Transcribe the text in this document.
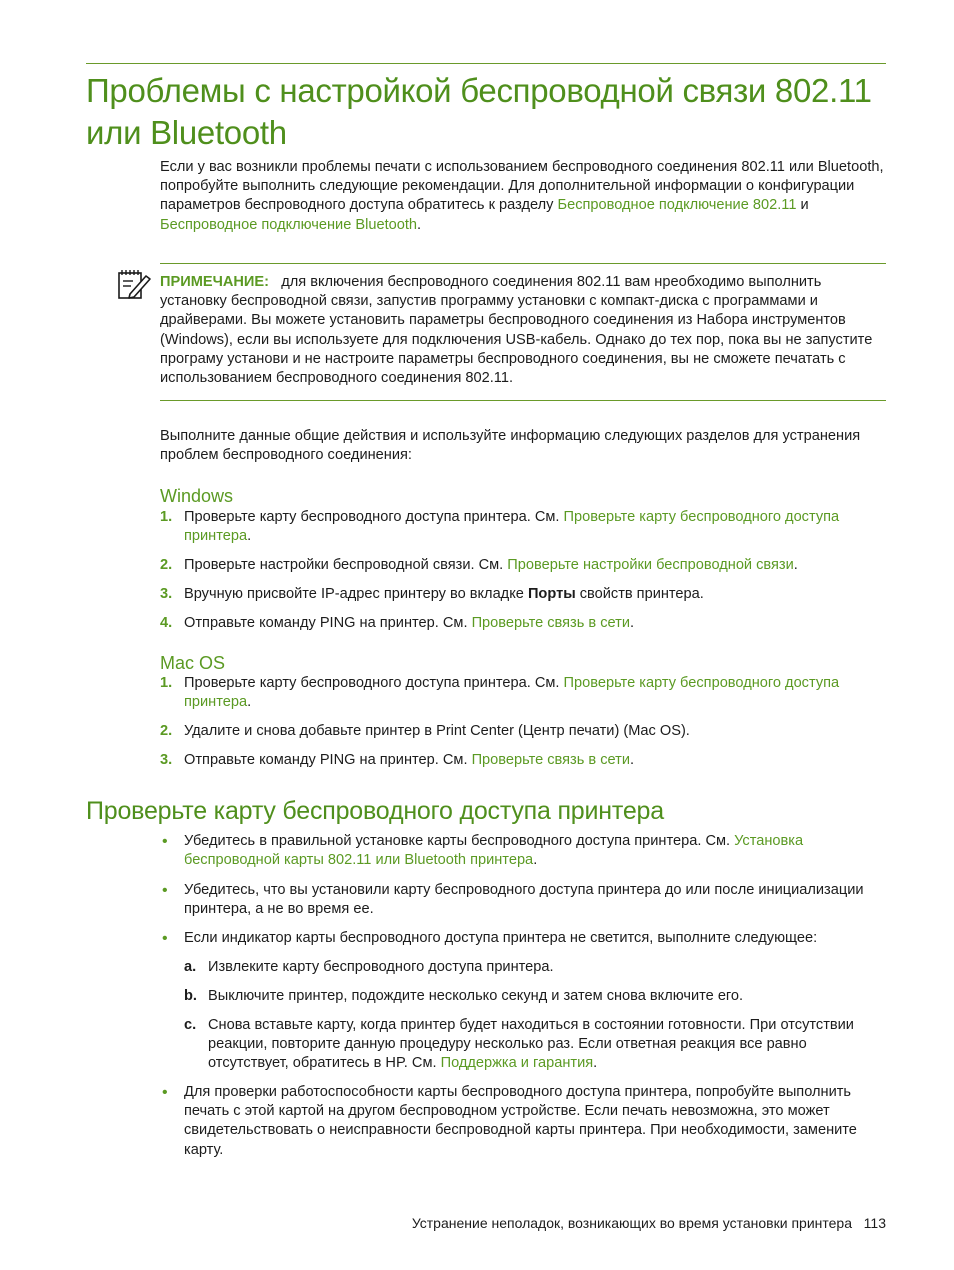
Проблемы с настройкой беспроводной связи 802.11 или Bluetooth
Если у вас возникли проблемы печати с использованием беспроводного соединения 802.11 или Bluetooth, попробуйте выполнить следующие рекомендации. Для дополнительной информации о конфигурации параметров беспроводного доступа обратитесь к разделу Беспроводное подключение 802.11 и Беспроводное подключение Bluetooth.
ПРИМЕЧАНИЕ: для включения беспроводного соединения 802.11 вам нреобходимо выполнить установку беспроводной связи, запустив программу установки с компакт-диска с программами и драйверами. Вы можете установить параметры беспроводного соединения из Набора инструментов (Windows), если вы используете для подключения USB-кабель. Однако до тех пор, пока вы не запустите програму установи и не настроите параметры беспроводного соединения, вы не сможете печатать с использованием беспроводного соединения 802.11.
Выполните данные общие действия и используйте информацию следующих разделов для устранения проблем беспроводного соединения:
Windows
1. Проверьте карту беспроводного доступа принтера. См. Проверьте карту беспроводного доступа принтера.
2. Проверьте настройки беспроводной связи. См. Проверьте настройки беспроводной связи.
3. Вручную присвойте IP-адрес принтеру во вкладке Порты свойств принтера.
4. Отправьте команду PING на принтер. См. Проверьте связь в сети.
Mac OS
1. Проверьте карту беспроводного доступа принтера. См. Проверьте карту беспроводного доступа принтера.
2. Удалите и снова добавьте принтер в Print Center (Центр печати) (Mac OS).
3. Отправьте команду PING на принтер. См. Проверьте связь в сети.
Проверьте карту беспроводного доступа принтера
• Убедитесь в правильной установке карты беспроводного доступа принтера. См. Установка беспроводной карты 802.11 или Bluetooth принтера.
• Убедитесь, что вы установили карту беспроводного доступа принтера до или после инициализации принтера, а не во время ее.
• Если индикатор карты беспроводного доступа принтера не светится, выполните следующее:
a. Извлеките карту беспроводного доступа принтера.
b. Выключите принтер, подождите несколько секунд и затем снова включите его.
c. Снова вставьте карту, когда принтер будет находиться в состоянии готовности. При отсутствии реакции, повторите данную процедуру несколько раз. Если ответная реакция все равно отсутствует, обратитесь в HP. См. Поддержка и гарантия.
• Для проверки работоспособности карты беспроводного доступа принтера, попробуйте выполнить печать с этой картой на другом беспроводном устройстве. Если печать невозможна, это может свидетельствовать о неисправности беспроводной карты принтера. При необходимости, замените карту.
Устранение неполадок, возникающих во время установки принтера 113
